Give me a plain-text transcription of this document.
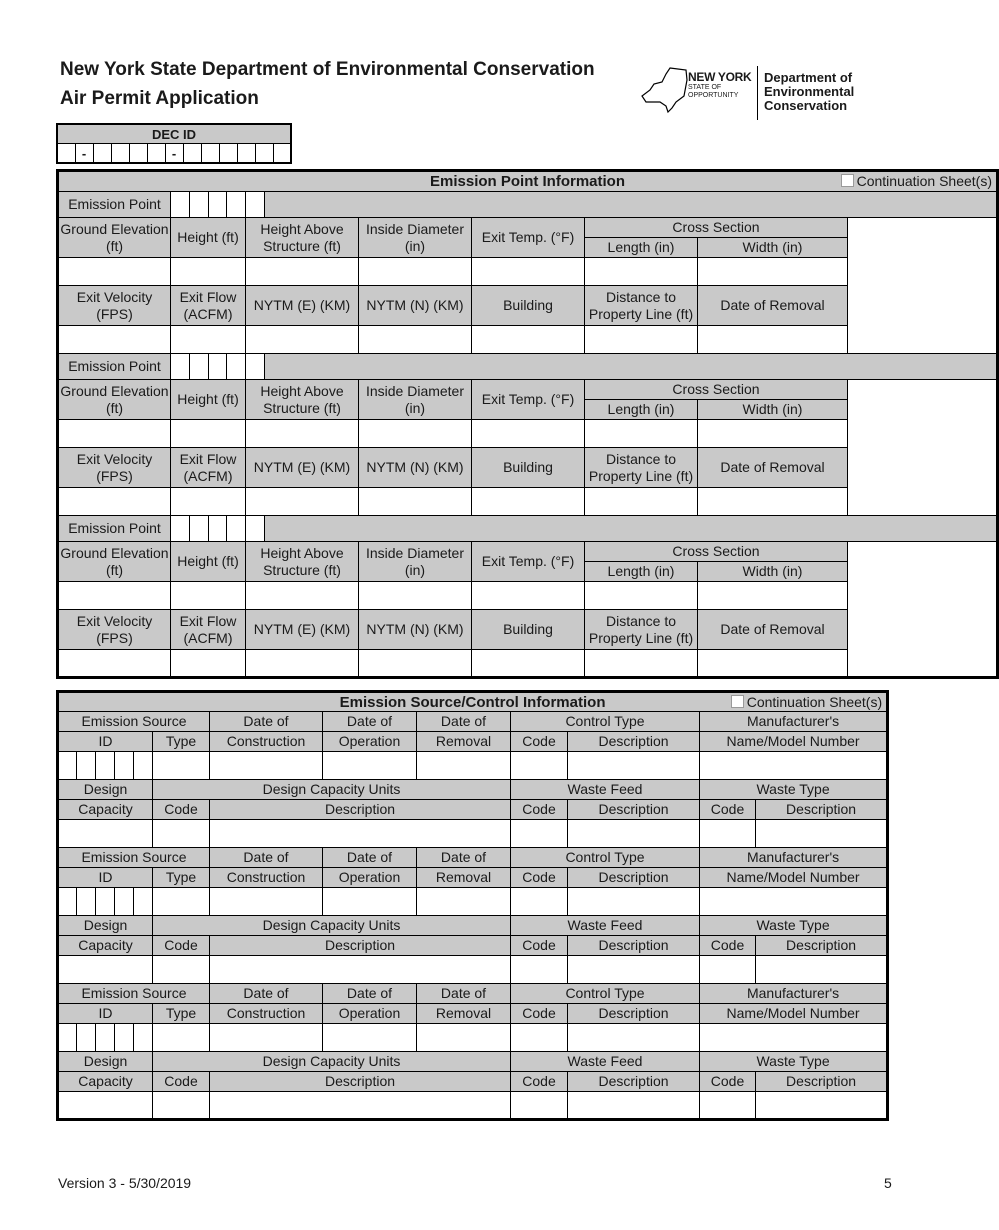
New York State Department of Environmental Conservation
Air Permit Application
NEW YORK
STATE OF OPPORTUNITY
Department of Environmental Conservation
DEC ID
	-					-						
Emission Point Information Continuation Sheet(s)										

Emission Point										
Ground Elevation (ft)	Height (ft)				Height Above Structure (ft)		Inside Diameter (in)	Exit Temp. (°F)	Cross Section	
									Length (in)	Width (in)

Exit Velocity (FPS)	Exit Flow (ACFM)				NYTM (E) (KM)		NYTM (N) (KM)	Building	Distance to Property Line (ft)	Date of Removal

Emission Point										
Ground Elevation (ft)	Height (ft)				Height Above Structure (ft)		Inside Diameter (in)	Exit Temp. (°F)	Cross Section	
									Length (in)	Width (in)

Exit Velocity (FPS)	Exit Flow (ACFM)				NYTM (E) (KM)		NYTM (N) (KM)	Building	Distance to Property Line (ft)	Date of Removal

Emission Point										
Ground Elevation (ft)	Height (ft)				Height Above Structure (ft)		Inside Diameter (in)	Exit Temp. (°F)	Cross Section	
									Length (in)	Width (in)

Exit Velocity (FPS)	Exit Flow (ACFM)				NYTM (E) (KM)		NYTM (N) (KM)	Building	Distance to Property Line (ft)	Date of Removal

Emission Source/Control Information Continuation Sheet(s)												

Emission Source						Date of	Date of	Date of	Control Type		Manufacturer's	
ID					Type	Construction	Operation	Removal	Code	Description	Name/Model Number	

Design					Design Capacity Units				Waste Feed		Waste Type	
Capacity					Code	Description			Code	Description	Code	Description

Emission Source						Date of	Date of	Date of	Control Type		Manufacturer's	
ID					Type	Construction	Operation	Removal	Code	Description	Name/Model Number	

Design					Design Capacity Units				Waste Feed		Waste Type	
Capacity					Code	Description			Code	Description	Code	Description

Emission Source						Date of	Date of	Date of	Control Type		Manufacturer's	
ID					Type	Construction	Operation	Removal	Code	Description	Name/Model Number	

Design					Design Capacity Units				Waste Feed		Waste Type	
Capacity					Code	Description			Code	Description	Code	Description

Version 3 - 5/30/2019	5
